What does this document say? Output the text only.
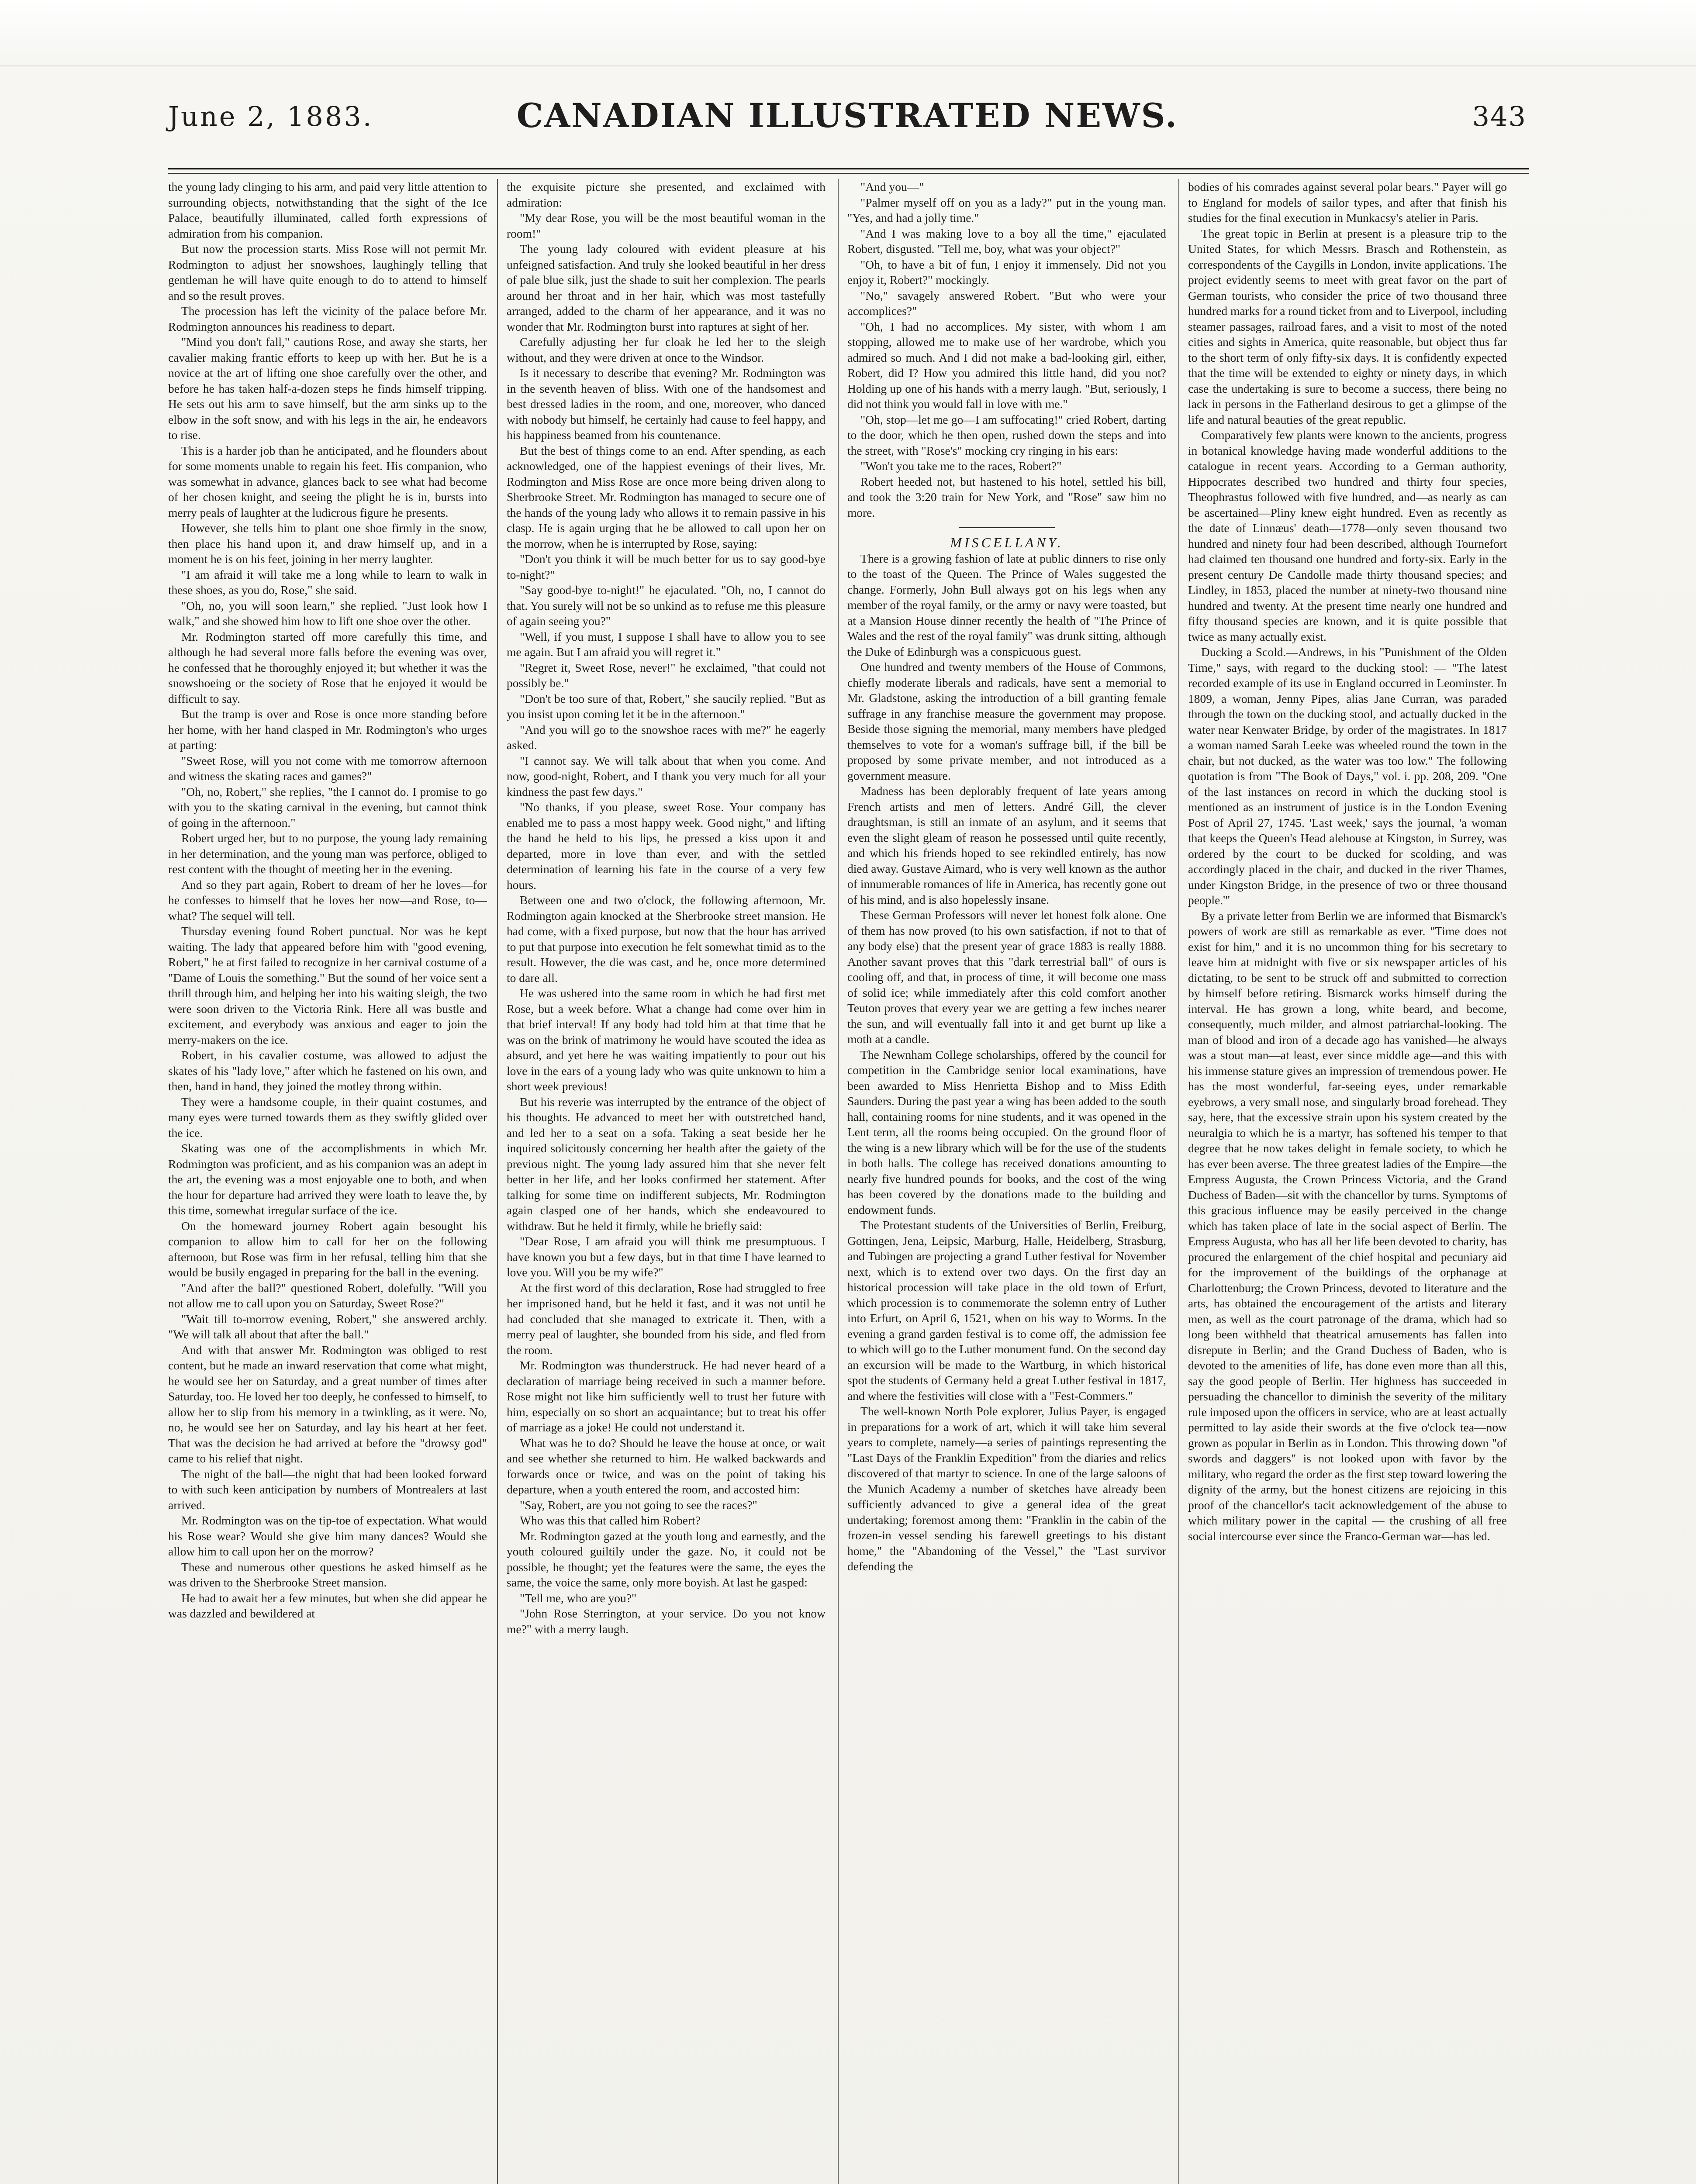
June 2, 1883.	CANADIAN ILLUSTRATED NEWS.	343

the young lady clinging to his arm, and paid very little attention to surrounding objects, notwithstanding that the sight of the Ice Palace, beautifully illuminated, called forth expressions of admiration from his companion.

But now the procession starts. Miss Rose will not permit Mr. Rodmington to adjust her snowshoes, laughingly telling that gentleman he will have quite enough to do to attend to himself and so the result proves.

The procession has left the vicinity of the palace before Mr. Rodmington announces his readiness to depart.

"Mind you don't fall," cautions Rose, and away she starts, her cavalier making frantic efforts to keep up with her. But he is a novice at the art of lifting one shoe carefully over the other, and before he has taken half-a-dozen steps he finds himself tripping. He sets out his arm to save himself, but the arm sinks up to the elbow in the soft snow, and with his legs in the air, he endeavors to rise.

This is a harder job than he anticipated, and he flounders about for some moments unable to regain his feet. His companion, who was somewhat in advance, glances back to see what had become of her chosen knight, and seeing the plight he is in, bursts into merry peals of laughter at the ludicrous figure he presents.

However, she tells him to plant one shoe firmly in the snow, then place his hand upon it, and draw himself up, and in a moment he is on his feet, joining in her merry laughter.

"I am afraid it will take me a long while to learn to walk in these shoes, as you do, Rose," she said.

"Oh, no, you will soon learn," she replied. "Just look how I walk," and she showed him how to lift one shoe over the other.

Mr. Rodmington started off more carefully this time, and although he had several more falls before the evening was over, he confessed that he thoroughly enjoyed it; but whether it was the snowshoeing or the society of Rose that he enjoyed it would be difficult to say.

But the tramp is over and Rose is once more standing before her home, with her hand clasped in Mr. Rodmington's who urges at parting:

"Sweet Rose, will you not come with me tomorrow afternoon and witness the skating races and games?"

"Oh, no, Robert," she replies, "the I cannot do. I promise to go with you to the skating carnival in the evening, but cannot think of going in the afternoon."

Robert urged her, but to no purpose, the young lady remaining in her determination, and the young man was perforce, obliged to rest content with the thought of meeting her in the evening.

And so they part again, Robert to dream of her he loves—for he confesses to himself that he loves her now—and Rose, to—what? The sequel will tell.

Thursday evening found Robert punctual. Nor was he kept waiting. The lady that appeared before him with "good evening, Robert," he at first failed to recognize in her carnival costume of a "Dame of Louis the something." But the sound of her voice sent a thrill through him, and helping her into his waiting sleigh, the two were soon driven to the Victoria Rink. Here all was bustle and excitement, and everybody was anxious and eager to join the merry-makers on the ice.

Robert, in his cavalier costume, was allowed to adjust the skates of his "lady love," after which he fastened on his own, and then, hand in hand, they joined the motley throng within.

They were a handsome couple, in their quaint costumes, and many eyes were turned towards them as they swiftly glided over the ice.

Skating was one of the accomplishments in which Mr. Rodmington was proficient, and as his companion was an adept in the art, the evening was a most enjoyable one to both, and when the hour for departure had arrived they were loath to leave the, by this time, somewhat irregular surface of the ice.

On the homeward journey Robert again besought his companion to allow him to call for her on the following afternoon, but Rose was firm in her refusal, telling him that she would be busily engaged in preparing for the ball in the evening.

"And after the ball?" questioned Robert, dolefully. "Will you not allow me to call upon you on Saturday, Sweet Rose?"

"Wait till to-morrow evening, Robert," she answered archly. "We will talk all about that after the ball."

And with that answer Mr. Rodmington was obliged to rest content, but he made an inward reservation that come what might, he would see her on Saturday, and a great number of times after Saturday, too. He loved her too deeply, he confessed to himself, to allow her to slip from his memory in a twinkling, as it were. No, no, he would see her on Saturday, and lay his heart at her feet. That was the decision he had arrived at before the "drowsy god" came to his relief that night.

The night of the ball—the night that had been looked forward to with such keen anticipation by numbers of Montrealers at last arrived.

Mr. Rodmington was on the tip-toe of expectation. What would his Rose wear? Would she give him many dances? Would she allow him to call upon her on the morrow?

These and numerous other questions he asked himself as he was driven to the Sherbrooke Street mansion.

He had to await her a few minutes, but when she did appear he was dazzled and bewildered at

the exquisite picture she presented, and exclaimed with admiration:

"My dear Rose, you will be the most beautiful woman in the room!"

The young lady coloured with evident pleasure at his unfeigned satisfaction. And truly she looked beautiful in her dress of pale blue silk, just the shade to suit her complexion. The pearls around her throat and in her hair, which was most tastefully arranged, added to the charm of her appearance, and it was no wonder that Mr. Rodmington burst into raptures at sight of her.

Carefully adjusting her fur cloak he led her to the sleigh without, and they were driven at once to the Windsor.

Is it necessary to describe that evening? Mr. Rodmington was in the seventh heaven of bliss. With one of the handsomest and best dressed ladies in the room, and one, moreover, who danced with nobody but himself, he certainly had cause to feel happy, and his happiness beamed from his countenance.

But the best of things come to an end. After spending, as each acknowledged, one of the happiest evenings of their lives, Mr. Rodmington and Miss Rose are once more being driven along to Sherbrooke Street. Mr. Rodmington has managed to secure one of the hands of the young lady who allows it to remain passive in his clasp. He is again urging that he be allowed to call upon her on the morrow, when he is interrupted by Rose, saying:

"Don't you think it will be much better for us to say good-bye to-night?"

"Say good-bye to-night!" he ejaculated. "Oh, no, I cannot do that. You surely will not be so unkind as to refuse me this pleasure of again seeing you?"

"Well, if you must, I suppose I shall have to allow you to see me again. But I am afraid you will regret it."

"Regret it, Sweet Rose, never!" he exclaimed, "that could not possibly be."

"Don't be too sure of that, Robert," she saucily replied. "But as you insist upon coming let it be in the afternoon."

"And you will go to the snowshoe races with me?" he eagerly asked.

"I cannot say. We will talk about that when you come. And now, good-night, Robert, and I thank you very much for all your kindness the past few days."

"No thanks, if you please, sweet Rose. Your company has enabled me to pass a most happy week. Good night," and lifting the hand he held to his lips, he pressed a kiss upon it and departed, more in love than ever, and with the settled determination of learning his fate in the course of a very few hours.

Between one and two o'clock, the following afternoon, Mr. Rodmington again knocked at the Sherbrooke street mansion. He had come, with a fixed purpose, but now that the hour has arrived to put that purpose into execution he felt somewhat timid as to the result. However, the die was cast, and he, once more determined to dare all.

He was ushered into the same room in which he had first met Rose, but a week before. What a change had come over him in that brief interval! If any body had told him at that time that he was on the brink of matrimony he would have scouted the idea as absurd, and yet here he was waiting impatiently to pour out his love in the ears of a young lady who was quite unknown to him a short week previous!

But his reverie was interrupted by the entrance of the object of his thoughts. He advanced to meet her with outstretched hand, and led her to a seat on a sofa. Taking a seat beside her he inquired solicitously concerning her health after the gaiety of the previous night. The young lady assured him that she never felt better in her life, and her looks confirmed her statement. After talking for some time on indifferent subjects, Mr. Rodmington again clasped one of her hands, which she endeavoured to withdraw. But he held it firmly, while he briefly said:

"Dear Rose, I am afraid you will think me presumptuous. I have known you but a few days, but in that time I have learned to love you. Will you be my wife?"

At the first word of this declaration, Rose had struggled to free her imprisoned hand, but he held it fast, and it was not until he had concluded that she managed to extricate it. Then, with a merry peal of laughter, she bounded from his side, and fled from the room.

Mr. Rodmington was thunderstruck. He had never heard of a declaration of marriage being received in such a manner before. Rose might not like him sufficiently well to trust her future with him, especially on so short an acquaintance; but to treat his offer of marriage as a joke! He could not understand it.

What was he to do? Should he leave the house at once, or wait and see whether she returned to him. He walked backwards and forwards once or twice, and was on the point of taking his departure, when a youth entered the room, and accosted him:

"Say, Robert, are you not going to see the races?"

Who was this that called him Robert?

Mr. Rodmington gazed at the youth long and earnestly, and the youth coloured guiltily under the gaze. No, it could not be possible, he thought; yet the features were the same, the eyes the same, the voice the same, only more boyish. At last he gasped:

"Tell me, who are you?"

"John Rose Sterrington, at your service. Do you not know me?" with a merry laugh.

"And you—"

"Palmer myself off on you as a lady?" put in the young man. "Yes, and had a jolly time."

"And I was making love to a boy all the time," ejaculated Robert, disgusted. "Tell me, boy, what was your object?"

"Oh, to have a bit of fun, I enjoy it immensely. Did not you enjoy it, Robert?" mockingly.

"No," savagely answered Robert. "But who were your accomplices?"

"Oh, I had no accomplices. My sister, with whom I am stopping, allowed me to make use of her wardrobe, which you admired so much. And I did not make a bad-looking girl, either, Robert, did I? How you admired this little hand, did you not? Holding up one of his hands with a merry laugh. "But, seriously, I did not think you would fall in love with me."

"Oh, stop—let me go—I am suffocating!" cried Robert, darting to the door, which he then open, rushed down the steps and into the street, with "Rose's" mocking cry ringing in his ears:

"Won't you take me to the races, Robert?"

Robert heeded not, but hastened to his hotel, settled his bill, and took the 3:20 train for New York, and "Rose" saw him no more.

MISCELLANY.

There is a growing fashion of late at public dinners to rise only to the toast of the Queen. The Prince of Wales suggested the change. Formerly, John Bull always got on his legs when any member of the royal family, or the army or navy were toasted, but at a Mansion House dinner recently the health of "The Prince of Wales and the rest of the royal family" was drunk sitting, although the Duke of Edinburgh was a conspicuous guest.

One hundred and twenty members of the House of Commons, chiefly moderate liberals and radicals, have sent a memorial to Mr. Gladstone, asking the introduction of a bill granting female suffrage in any franchise measure the government may propose. Beside those signing the memorial, many members have pledged themselves to vote for a woman's suffrage bill, if the bill be proposed by some private member, and not introduced as a government measure.

Madness has been deplorably frequent of late years among French artists and men of letters. André Gill, the clever draughtsman, is still an inmate of an asylum, and it seems that even the slight gleam of reason he possessed until quite recently, and which his friends hoped to see rekindled entirely, has now died away. Gustave Aimard, who is very well known as the author of innumerable romances of life in America, has recently gone out of his mind, and is also hopelessly insane.

These German Professors will never let honest folk alone. One of them has now proved (to his own satisfaction, if not to that of any body else) that the present year of grace 1883 is really 1888. Another savant proves that this "dark terrestrial ball" of ours is cooling off, and that, in process of time, it will become one mass of solid ice; while immediately after this cold comfort another Teuton proves that every year we are getting a few inches nearer the sun, and will eventually fall into it and get burnt up like a moth at a candle.

The Newnham College scholarships, offered by the council for competition in the Cambridge senior local examinations, have been awarded to Miss Henrietta Bishop and to Miss Edith Saunders. During the past year a wing has been added to the south hall, containing rooms for nine students, and it was opened in the Lent term, all the rooms being occupied. On the ground floor of the wing is a new library which will be for the use of the students in both halls. The college has received donations amounting to nearly five hundred pounds for books, and the cost of the wing has been covered by the donations made to the building and endowment funds.

The Protestant students of the Universities of Berlin, Freiburg, Gottingen, Jena, Leipsic, Marburg, Halle, Heidelberg, Strasburg, and Tubingen are projecting a grand Luther festival for November next, which is to extend over two days. On the first day an historical procession will take place in the old town of Erfurt, which procession is to commemorate the solemn entry of Luther into Erfurt, on April 6, 1521, when on his way to Worms. In the evening a grand garden festival is to come off, the admission fee to which will go to the Luther monument fund. On the second day an excursion will be made to the Wartburg, in which historical spot the students of Germany held a great Luther festival in 1817, and where the festivities will close with a "Fest-Commers."

The well-known North Pole explorer, Julius Payer, is engaged in preparations for a work of art, which it will take him several years to complete, namely—a series of paintings representing the "Last Days of the Franklin Expedition" from the diaries and relics discovered of that martyr to science. In one of the large saloons of the Munich Academy a number of sketches have already been sufficiently advanced to give a general idea of the great undertaking; foremost among them: "Franklin in the cabin of the frozen-in vessel sending his farewell greetings to his distant home," the "Abandoning of the Vessel," the "Last survivor defending the

bodies of his comrades against several polar bears." Payer will go to England for models of sailor types, and after that finish his studies for the final execution in Munkacsy's atelier in Paris.

The great topic in Berlin at present is a pleasure trip to the United States, for which Messrs. Brasch and Rothenstein, as correspondents of the Caygills in London, invite applications. The project evidently seems to meet with great favor on the part of German tourists, who consider the price of two thousand three hundred marks for a round ticket from and to Liverpool, including steamer passages, railroad fares, and a visit to most of the noted cities and sights in America, quite reasonable, but object thus far to the short term of only fifty-six days. It is confidently expected that the time will be extended to eighty or ninety days, in which case the undertaking is sure to become a success, there being no lack in persons in the Fatherland desirous to get a glimpse of the life and natural beauties of the great republic.

Comparatively few plants were known to the ancients, progress in botanical knowledge having made wonderful additions to the catalogue in recent years. According to a German authority, Hippocrates described two hundred and thirty four species, Theophrastus followed with five hundred, and—as nearly as can be ascertained—Pliny knew eight hundred. Even as recently as the date of Linnæus' death—1778—only seven thousand two hundred and ninety four had been described, although Tournefort had claimed ten thousand one hundred and forty-six. Early in the present century De Candolle made thirty thousand species; and Lindley, in 1853, placed the number at ninety-two thousand nine hundred and twenty. At the present time nearly one hundred and fifty thousand species are known, and it is quite possible that twice as many actually exist.

Ducking a Scold.—Andrews, in his "Punishment of the Olden Time," says, with regard to the ducking stool: — "The latest recorded example of its use in England occurred in Leominster. In 1809, a woman, Jenny Pipes, alias Jane Curran, was paraded through the town on the ducking stool, and actually ducked in the water near Kenwater Bridge, by order of the magistrates. In 1817 a woman named Sarah Leeke was wheeled round the town in the chair, but not ducked, as the water was too low." The following quotation is from "The Book of Days," vol. i. pp. 208, 209. "One of the last instances on record in which the ducking stool is mentioned as an instrument of justice is in the London Evening Post of April 27, 1745. 'Last week,' says the journal, 'a woman that keeps the Queen's Head alehouse at Kingston, in Surrey, was ordered by the court to be ducked for scolding, and was accordingly placed in the chair, and ducked in the river Thames, under Kingston Bridge, in the presence of two or three thousand people.'"

By a private letter from Berlin we are informed that Bismarck's powers of work are still as remarkable as ever. "Time does not exist for him," and it is no uncommon thing for his secretary to leave him at midnight with five or six newspaper articles of his dictating, to be sent to be struck off and submitted to correction by himself before retiring. Bismarck works himself during the interval. He has grown a long, white beard, and become, consequently, much milder, and almost patriarchal-looking. The man of blood and iron of a decade ago has vanished—he always was a stout man—at least, ever since middle age—and this with his immense stature gives an impression of tremendous power. He has the most wonderful, far-seeing eyes, under remarkable eyebrows, a very small nose, and singularly broad forehead. They say, here, that the excessive strain upon his system created by the neuralgia to which he is a martyr, has softened his temper to that degree that he now takes delight in female society, to which he has ever been averse. The three greatest ladies of the Empire—the Empress Augusta, the Crown Princess Victoria, and the Grand Duchess of Baden—sit with the chancellor by turns. Symptoms of this gracious influence may be easily perceived in the change which has taken place of late in the social aspect of Berlin. The Empress Augusta, who has all her life been devoted to charity, has procured the enlargement of the chief hospital and pecuniary aid for the improvement of the buildings of the orphanage at Charlottenburg; the Crown Princess, devoted to literature and the arts, has obtained the encouragement of the artists and literary men, as well as the court patronage of the drama, which had so long been withheld that theatrical amusements has fallen into disrepute in Berlin; and the Grand Duchess of Baden, who is devoted to the amenities of life, has done even more than all this, say the good people of Berlin. Her highness has succeeded in persuading the chancellor to diminish the severity of the military rule imposed upon the officers in service, who are at least actually permitted to lay aside their swords at the five o'clock tea—now grown as popular in Berlin as in London. This throwing down "of swords and daggers" is not looked upon with favor by the military, who regard the order as the first step toward lowering the dignity of the army, but the honest citizens are rejoicing in this proof of the chancellor's tacit acknowledgement of the abuse to which military power in the capital — the crushing of all free social intercourse ever since the Franco-German war—has led.
